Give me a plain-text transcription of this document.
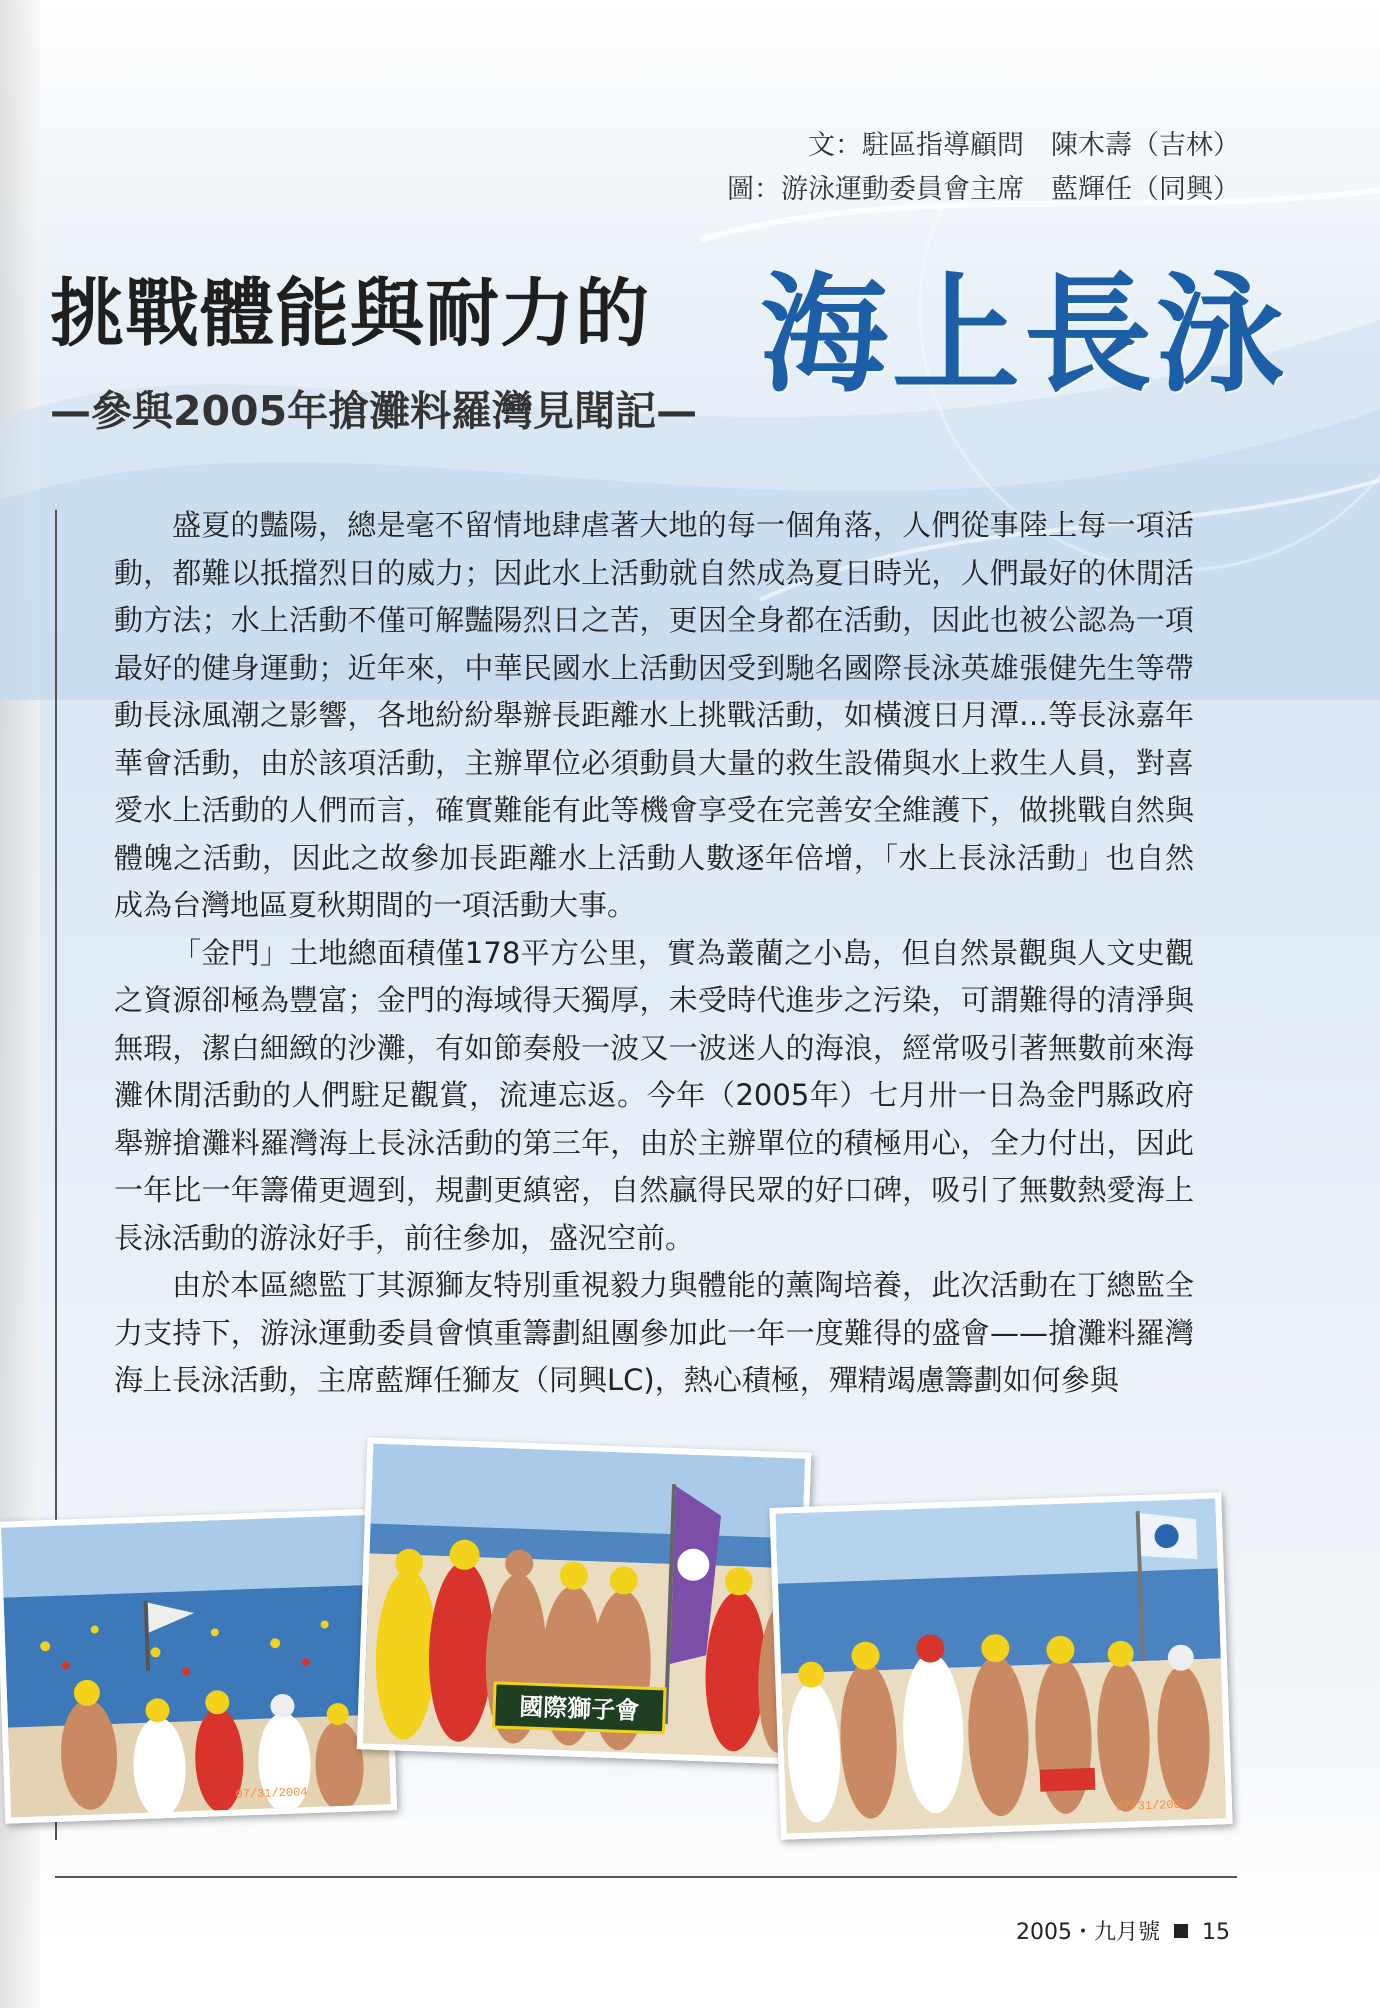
文：駐區指導顧問　陳木壽（吉林）
圖：游泳運動委員會主席　藍輝任（同興）
挑戰體能與耐力的 海上長泳
—參與2005年搶灘料羅灣見聞記—

盛夏的豔陽，總是毫不留情地肆虐著大地的每一個角落，人們從事陸上每一項活動，都難以抵擋烈日的威力；因此水上活動就自然成為夏日時光，人們最好的休閒活動方法；水上活動不僅可解豔陽烈日之苦，更因全身都在活動，因此也被公認為一項最好的健身運動；近年來，中華民國水上活動因受到馳名國際長泳英雄張健先生等帶動長泳風潮之影響，各地紛紛舉辦長距離水上挑戰活動，如橫渡日月潭…等長泳嘉年華會活動，由於該項活動，主辦單位必須動員大量的救生設備與水上救生人員，對喜愛水上活動的人們而言，確實難能有此等機會享受在完善安全維護下，做挑戰自然與體魄之活動，因此之故參加長距離水上活動人數逐年倍增，「水上長泳活動」也自然成為台灣地區夏秋期間的一項活動大事。

「金門」土地總面積僅178平方公里，實為叢藺之小島，但自然景觀與人文史觀之資源卻極為豐富；金門的海域得天獨厚，未受時代進步之污染，可謂難得的清淨與無瑕，潔白細緻的沙灘，有如節奏般一波又一波迷人的海浪，經常吸引著無數前來海灘休閒活動的人們駐足觀賞，流連忘返。今年（2005年）七月卅一日為金門縣政府舉辦搶灘料羅灣海上長泳活動的第三年，由於主辦單位的積極用心，全力付出，因此一年比一年籌備更週到，規劃更縝密，自然贏得民眾的好口碑，吸引了無數熱愛海上長泳活動的游泳好手，前往參加，盛況空前。

由於本區總監丁其源獅友特別重視毅力與體能的薰陶培養，此次活動在丁總監全力支持下，游泳運動委員會慎重籌劃組團參加此一年一度難得的盛會——搶灘料羅灣海上長泳活動，主席藍輝任獅友（同興LC)，熱心積極，殫精竭慮籌劃如何參與

07/31/2004
國際獅子會
07/31/2004
2005・九月號 15
